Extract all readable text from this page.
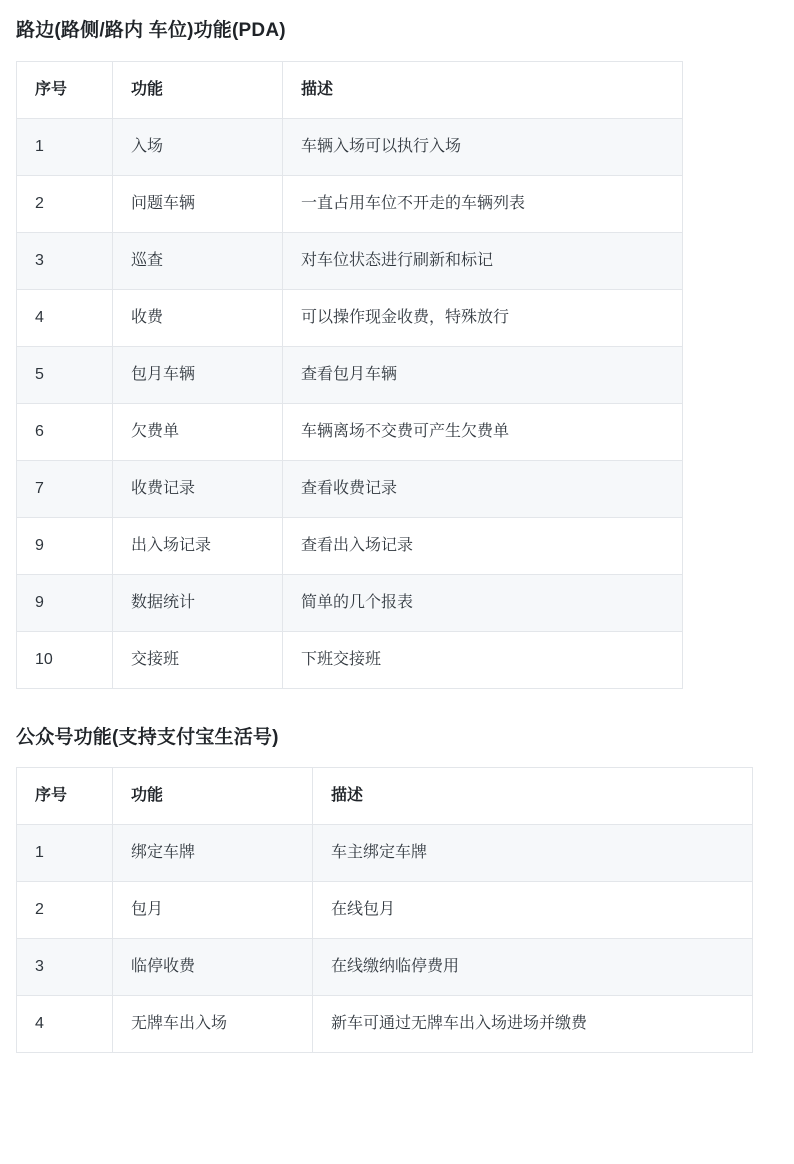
路边(路侧/路内 车位)功能(PDA)
序号	功能	描述
1	入场	车辆入场可以执行入场
2	问题车辆	一直占用车位不开走的车辆列表
3	巡查	对车位状态进行刷新和标记
4	收费	可以操作现金收费，特殊放行
5	包月车辆	查看包月车辆
6	欠费单	车辆离场不交费可产生欠费单
7	收费记录	查看收费记录
9	出入场记录	查看出入场记录
9	数据统计	简单的几个报表
10	交接班	下班交接班
公众号功能(支持支付宝生活号)
序号	功能	描述
1	绑定车牌	车主绑定车牌
2	包月	在线包月
3	临停收费	在线缴纳临停费用
4	无牌车出入场	新车可通过无牌车出入场进场并缴费
